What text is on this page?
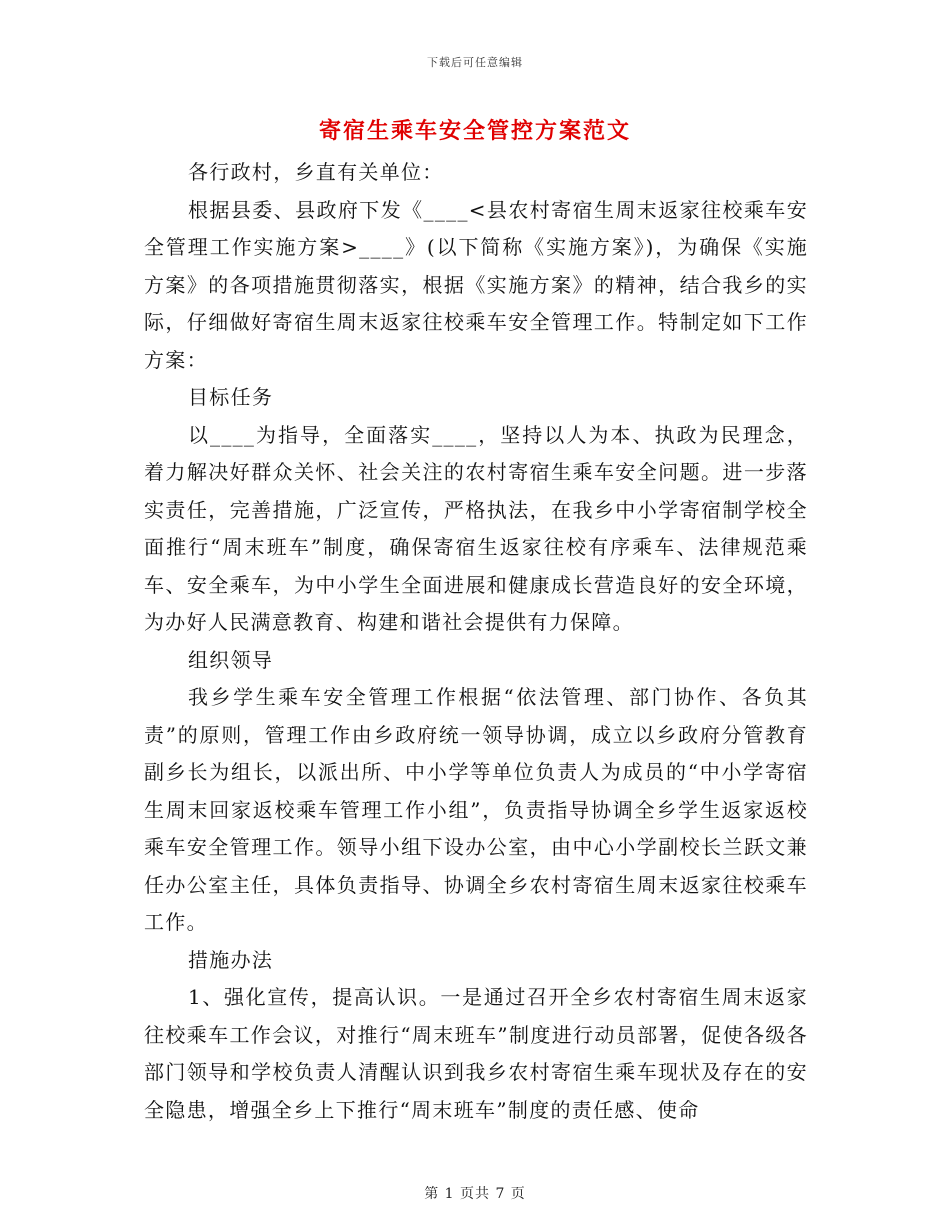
下载后可任意编辑
寄宿生乘车安全管控方案范文

各行政村，乡直有关单位：

根据县委、县政府下发《____<县农村寄宿生周末返家往校乘车安全管理工作实施方案>____》(以下简称《实施方案》)，为确保《实施方案》的各项措施贯彻落实，根据《实施方案》的精神，结合我乡的实际，仔细做好寄宿生周末返家往校乘车安全管理工作。特制定如下工作方案：

目标任务

以____为指导，全面落实____，坚持以人为本、执政为民理念，着力解决好群众关怀、社会关注的农村寄宿生乘车安全问题。进一步落实责任，完善措施，广泛宣传，严格执法，在我乡中小学寄宿制学校全面推行“周末班车”制度，确保寄宿生返家往校有序乘车、法律规范乘车、安全乘车，为中小学生全面进展和健康成长营造良好的安全环境，为办好人民满意教育、构建和谐社会提供有力保障。

组织领导

我乡学生乘车安全管理工作根据“依法管理、部门协作、各负其责”的原则，管理工作由乡政府统一领导协调，成立以乡政府分管教育副乡长为组长，以派出所、中小学等单位负责人为成员的“中小学寄宿生周末回家返校乘车管理工作小组”，负责指导协调全乡学生返家返校乘车安全管理工作。领导小组下设办公室，由中心小学副校长兰跃文兼任办公室主任，具体负责指导、协调全乡农村寄宿生周末返家往校乘车工作。

措施办法

1、强化宣传，提高认识。一是通过召开全乡农村寄宿生周末返家往校乘车工作会议，对推行“周末班车”制度进行动员部署，促使各级各部门领导和学校负责人清醒认识到我乡农村寄宿生乘车现状及存在的安全隐患，增强全乡上下推行“周末班车”制度的责任感、使命

第 1 页共 7 页
